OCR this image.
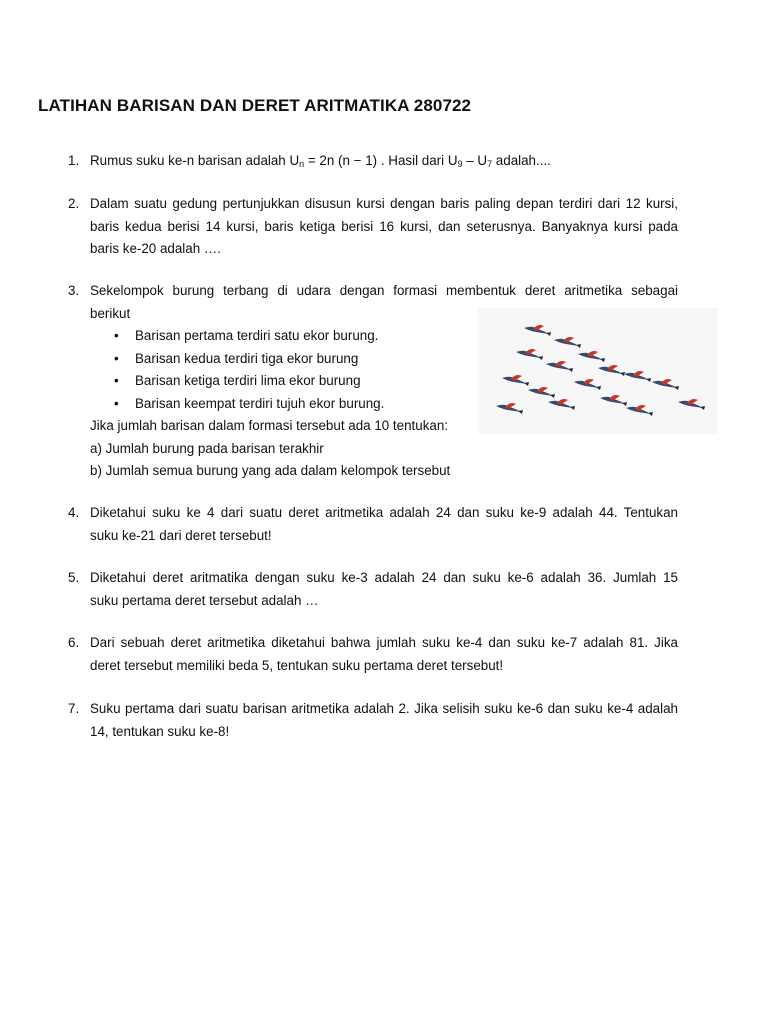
LATIHAN BARISAN DAN DERET ARITMATIKA 280722
1. Rumus suku ke-n barisan adalah $U_n = 2n$ (n − 1) . Hasil dari $U_9 - U_7$ adalah....
2. Dalam suatu gedung pertunjukkan disusun kursi dengan baris paling depan terdiri dari 12 kursi,
baris kedua berisi 14 kursi, baris ketiga berisi 16 kursi, dan seterusnya. Banyaknya kursi pada
baris ke-20 adalah ….
3. Sekelompok burung terbang di udara dengan formasi membentuk deret aritmetika sebagai
berikut
• Barisan pertama terdiri satu ekor burung.
• Barisan kedua terdiri tiga ekor burung
• Barisan ketiga terdiri lima ekor burung
• Barisan keempat terdiri tujuh ekor burung.
Jika jumlah barisan dalam formasi tersebut ada 10 tentukan:
a) Jumlah burung pada barisan terakhir
b) Jumlah semua burung yang ada dalam kelompok tersebut
4. Diketahui suku ke 4 dari suatu deret aritmetika adalah 24 dan suku ke-9 adalah 44. Tentukan
suku ke-21 dari deret tersebut!
5. Diketahui deret aritmatika dengan suku ke-3 adalah 24 dan suku ke-6 adalah 36. Jumlah 15
suku pertama deret tersebut adalah …
6. Dari sebuah deret aritmetika diketahui bahwa jumlah suku ke-4 dan suku ke-7 adalah 81. Jika
deret tersebut memiliki beda 5, tentukan suku pertama deret tersebut!
7. Suku pertama dari suatu barisan aritmetika adalah 2. Jika selisih suku ke-6 dan suku ke-4 adalah
14, tentukan suku ke-8!
